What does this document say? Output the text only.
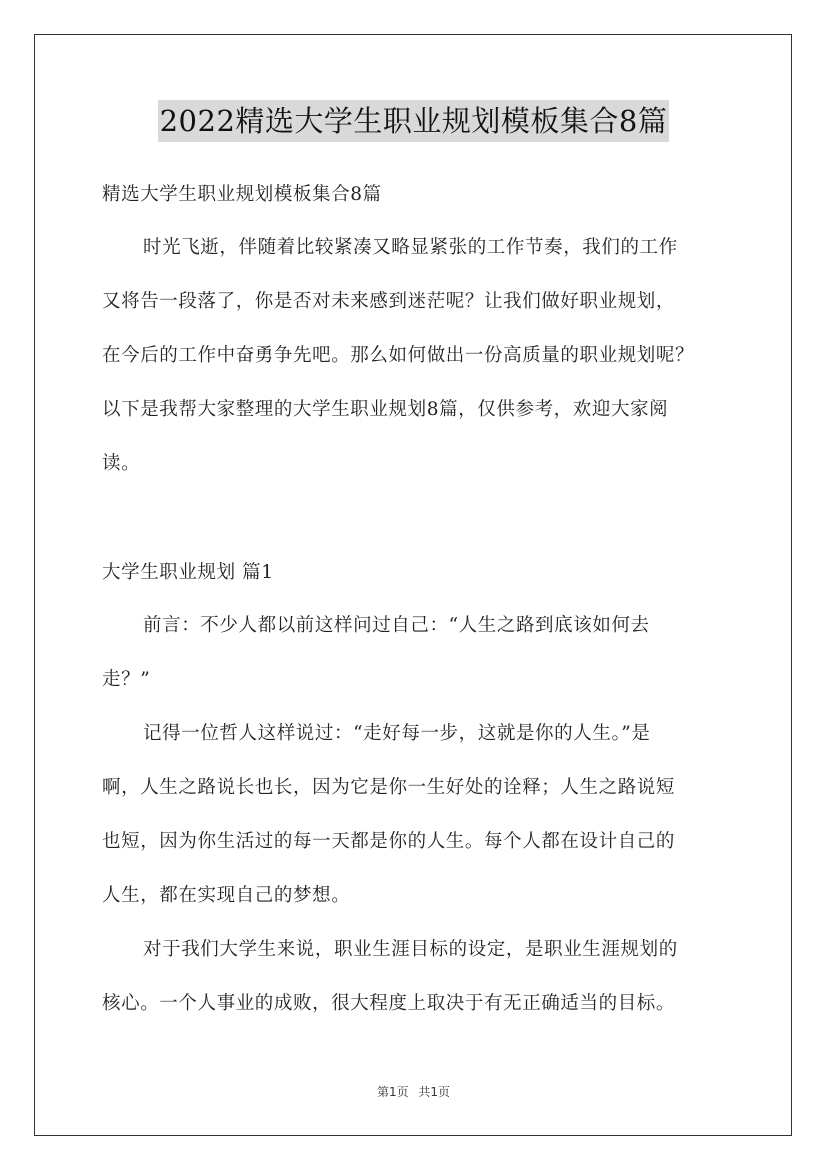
2022精选大学生职业规划模板集合8篇
精选大学生职业规划模板集合8篇
时光飞逝，伴随着比较紧凑又略显紧张的工作节奏，我们的工作
又将告一段落了，你是否对未来感到迷茫呢？让我们做好职业规划，
在今后的工作中奋勇争先吧。那么如何做出一份高质量的职业规划呢？
以下是我帮大家整理的大学生职业规划8篇，仅供参考，欢迎大家阅
读。
大学生职业规划 篇1
前言：不少人都以前这样问过自己：“人生之路到底该如何去
走？”
记得一位哲人这样说过：“走好每一步，这就是你的人生。”是
啊，人生之路说长也长，因为它是你一生好处的诠释；人生之路说短
也短，因为你生活过的每一天都是你的人生。每个人都在设计自己的
人生，都在实现自己的梦想。
对于我们大学生来说，职业生涯目标的设定，是职业生涯规划的
核心。一个人事业的成败，很大程度上取决于有无正确适当的目标。
第1页 共1页
